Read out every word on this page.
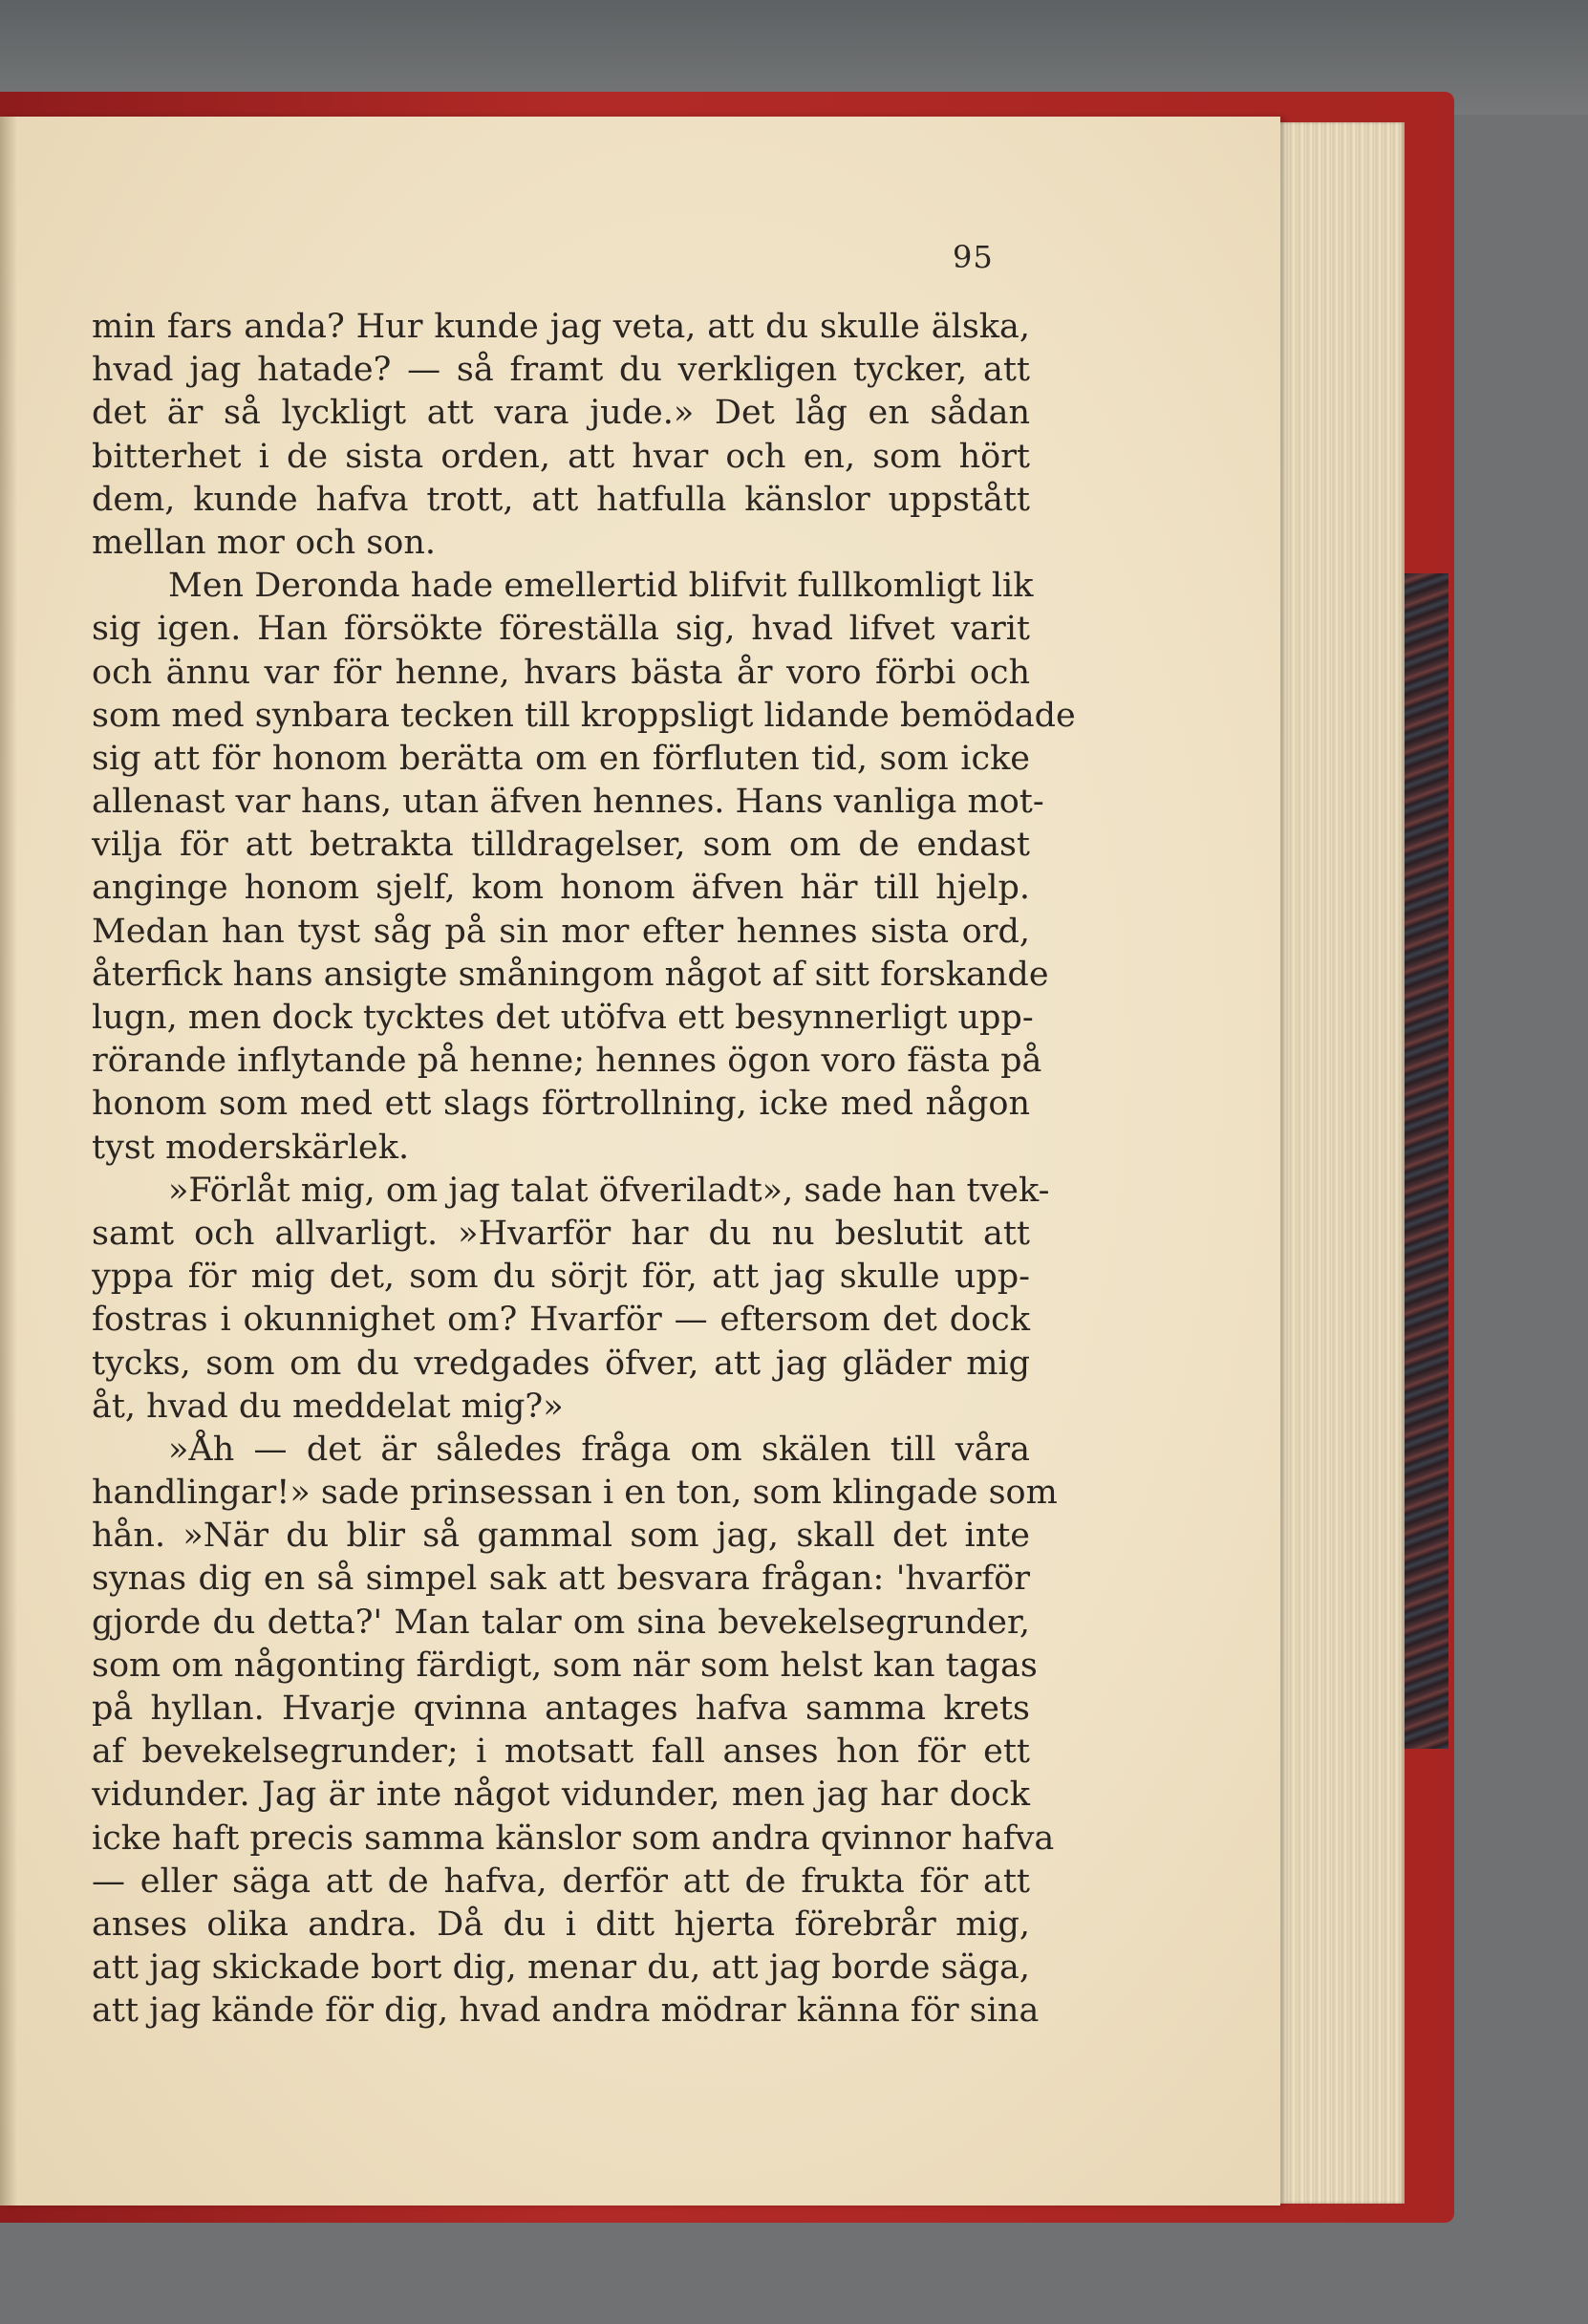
95
min fars anda? Hur kunde jag veta, att du skulle älska,
hvad jag hatade? — så framt du verkligen tycker, att
det är så lyckligt att vara jude.» Det låg en sådan
bitterhet i de sista orden, att hvar och en, som hört
dem, kunde hafva trott, att hatfulla känslor uppstått
mellan mor och son.
Men Deronda hade emellertid blifvit fullkomligt lik
sig igen. Han försökte föreställa sig, hvad lifvet varit
och ännu var för henne, hvars bästa år voro förbi och
som med synbara tecken till kroppsligt lidande bemödade
sig att för honom berätta om en förfluten tid, som icke
allenast var hans, utan äfven hennes. Hans vanliga mot-
vilja för att betrakta tilldragelser, som om de endast
anginge honom sjelf, kom honom äfven här till hjelp.
Medan han tyst såg på sin mor efter hennes sista ord,
återfick hans ansigte småningom något af sitt forskande
lugn, men dock tycktes det utöfva ett besynnerligt upp-
rörande inflytande på henne; hennes ögon voro fästa på
honom som med ett slags förtrollning, icke med någon
tyst moderskärlek.
»Förlåt mig, om jag talat öfveriladt», sade han tvek-
samt och allvarligt. »Hvarför har du nu beslutit att
yppa för mig det, som du sörjt för, att jag skulle upp-
fostras i okunnighet om? Hvarför — eftersom det dock
tycks, som om du vredgades öfver, att jag gläder mig
åt, hvad du meddelat mig?»
»Åh — det är således fråga om skälen till våra
handlingar!» sade prinsessan i en ton, som klingade som
hån. »När du blir så gammal som jag, skall det inte
synas dig en så simpel sak att besvara frågan: 'hvarför
gjorde du detta?' Man talar om sina bevekelsegrunder,
som om någonting färdigt, som när som helst kan tagas
på hyllan. Hvarje qvinna antages hafva samma krets
af bevekelsegrunder; i motsatt fall anses hon för ett
vidunder. Jag är inte något vidunder, men jag har dock
icke haft precis samma känslor som andra qvinnor hafva
— eller säga att de hafva, derför att de frukta för att
anses olika andra. Då du i ditt hjerta förebrår mig,
att jag skickade bort dig, menar du, att jag borde säga,
att jag kände för dig, hvad andra mödrar känna för sina
